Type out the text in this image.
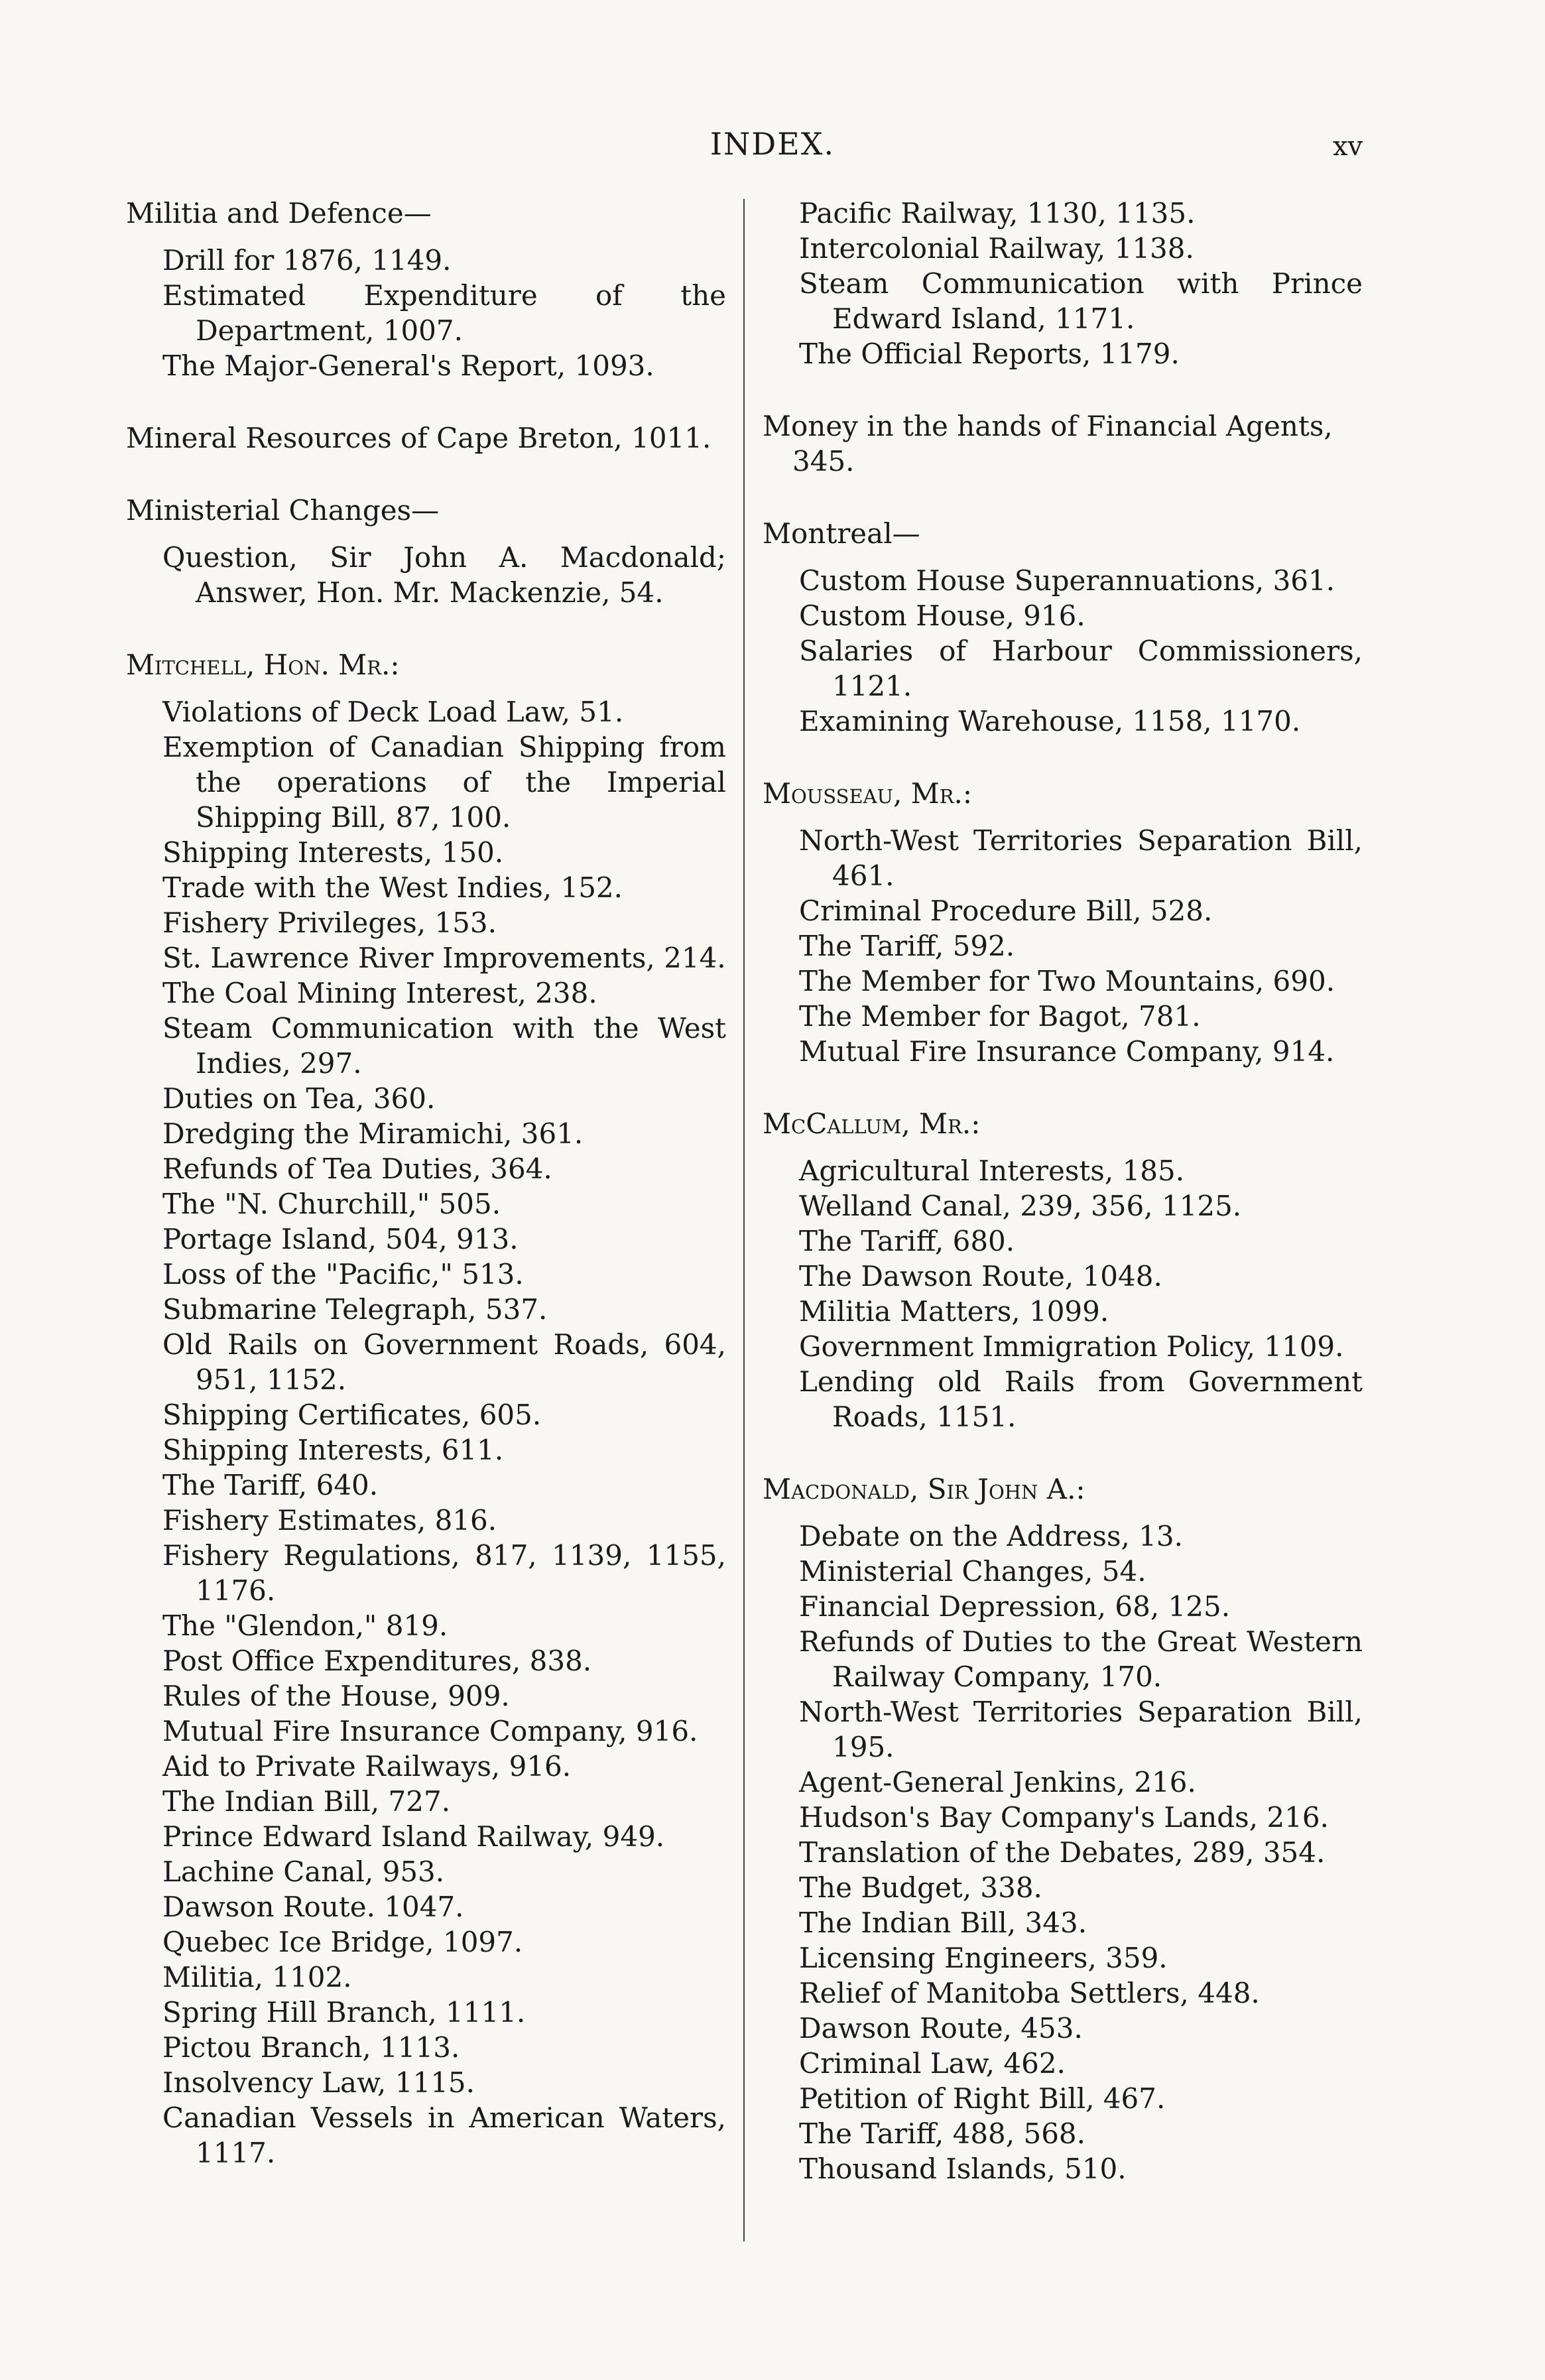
INDEX.	xv
Militia and Defence—
Drill for 1876, 1149.
Estimated Expenditure of the Department, 1007.
The Major-General's Report, 1093.
Mineral Resources of Cape Breton, 1011.
Ministerial Changes—
Question, Sir John A. Macdonald; Answer, Hon. Mr. Mackenzie, 54.
Mitchell, Hon. Mr.:
Violations of Deck Load Law, 51.
Exemption of Canadian Shipping from the operations of the Imperial Shipping Bill, 87, 100.
Shipping Interests, 150.
Trade with the West Indies, 152.
Fishery Privileges, 153.
St. Lawrence River Improvements, 214.
The Coal Mining Interest, 238.
Steam Communication with the West Indies, 297.
Duties on Tea, 360.
Dredging the Miramichi, 361.
Refunds of Tea Duties, 364.
The "N. Churchill," 505.
Portage Island, 504, 913.
Loss of the "Pacific," 513.
Submarine Telegraph, 537.
Old Rails on Government Roads, 604, 951, 1152.
Shipping Certificates, 605.
Shipping Interests, 611.
The Tariff, 640.
Fishery Estimates, 816.
Fishery Regulations, 817, 1139, 1155, 1176.
The "Glendon," 819.
Post Office Expenditures, 838.
Rules of the House, 909.
Mutual Fire Insurance Company, 916.
Aid to Private Railways, 916.
The Indian Bill, 727.
Prince Edward Island Railway, 949.
Lachine Canal, 953.
Dawson Route. 1047.
Quebec Ice Bridge, 1097.
Militia, 1102.
Spring Hill Branch, 1111.
Pictou Branch, 1113.
Insolvency Law, 1115.
Canadian Vessels in American Waters, 1117.
Pacific Railway, 1130, 1135.
Intercolonial Railway, 1138.
Steam Communication with Prince Edward Island, 1171.
The Official Reports, 1179.
Money in the hands of Financial Agents, 345.
Montreal—
Custom House Superannuations, 361.
Custom House, 916.
Salaries of Harbour Commissioners, 1121.
Examining Warehouse, 1158, 1170.
Mousseau, Mr.:
North-West Territories Separation Bill, 461.
Criminal Procedure Bill, 528.
The Tariff, 592.
The Member for Two Mountains, 690.
The Member for Bagot, 781.
Mutual Fire Insurance Company, 914.
McCallum, Mr.:
Agricultural Interests, 185.
Welland Canal, 239, 356, 1125.
The Tariff, 680.
The Dawson Route, 1048.
Militia Matters, 1099.
Government Immigration Policy, 1109.
Lending old Rails from Government Roads, 1151.
Macdonald, Sir John A.:
Debate on the Address, 13.
Ministerial Changes, 54.
Financial Depression, 68, 125.
Refunds of Duties to the Great Western Railway Company, 170.
North-West Territories Separation Bill, 195.
Agent-General Jenkins, 216.
Hudson's Bay Company's Lands, 216.
Translation of the Debates, 289, 354.
The Budget, 338.
The Indian Bill, 343.
Licensing Engineers, 359.
Relief of Manitoba Settlers, 448.
Dawson Route, 453.
Criminal Law, 462.
Petition of Right Bill, 467.
The Tariff, 488, 568.
Thousand Islands, 510.
